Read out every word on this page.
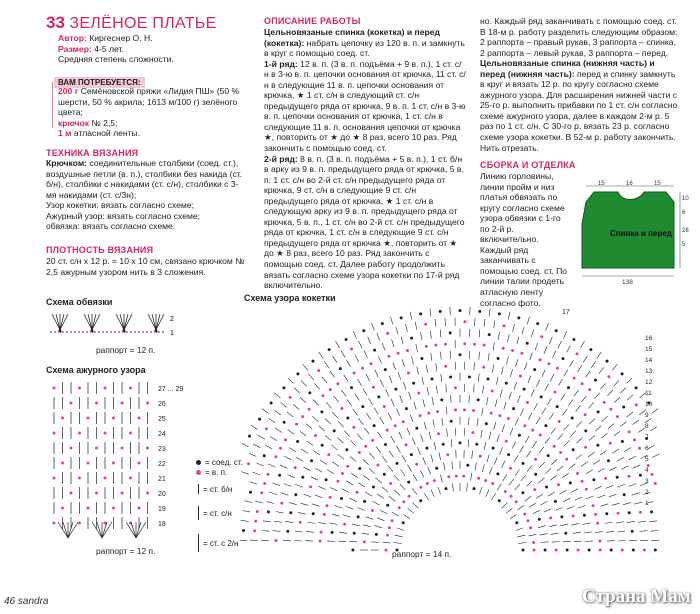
33 ЗЕЛЁНОЕ ПЛАТЬЕ
Автор: Киргеснер О. Н.
Размер: 4-5 лет.
Средняя степень сложности.
ВАМ ПОТРЕБУЕТСЯ:
200 г Семёновской пряжи «Лидия ПШ» (50 % шерсти, 50 % акрила; 1613 м/100 г) зелёного цвета;
крючок № 2,5;
1 м атласной ленты.
ТЕХНИКА ВЯЗАНИЯ

Крючком: соединительные столбики (соед. ст.), воздушные петли (в. п.), столбики без накида (ст. б/н), столбики с накидами (ст. с/н), столбики с 3-мя накидами (ст. с/3н);

Узор кокетки: вязать согласно схеме;

Ажурный узор: вязать согласно схеме;

обвязка: вязать согласно схеме.

ПЛОТНОСТЬ ВЯЗАНИЯ
20 ст. с/н х 12 р. = 10 х 10 см, связано крючком № 2,5 ажурным узором нить в 3 сложения.
ОПИСАНИЕ РАБОТЫ

Цельновязаные спинка (кокетка) и перед (кокетка): набрать цепочку из 120 в. п. и замкнуть в круг с помощью соед. ст.

1-й ряд: 12 в. п. (3 в. п. подъёма + 9 в. п.), 1 ст. с/н в 3-ю в. п. цепочки основания от крючка, 11 ст. с/н в следующие 11 в. п. цепочки основания от крючка, ★ 1 ст. с/н в следующий ст. с/н предыдущего ряда от крючка, 9 в. п. 1 ст. с/н в 3-ю в. п. цепочки основания от крючка, 1 ст. с/н в следующие 11 в. п. основания цепочки от крючка ★, повторить от ★ до ★ 8 раз, всего 10 раз. Ряд закончить с помощью соед. ст.

2-й ряд: 8 в. п. (3 в. п. подъёма + 5 в. п.), 1 ст. б/н в арку из 9 в. п. предыдущего ряда от крючка, 5 в. п. 1 ст. с/н во 2-й ст. с/н предыдущего ряда от крючка, 9 ст. с/н в следующие 9 ст. с/н предыдущего ряда от крючка, ★ 1 ст. с/н в следующую арку из 9 в. п. предыдущего ряда от крючка, 5 в. п., 1 ст. с/н во 2-й ст. с/н предыдущего ряда от крючка, 1 ст. с/н в следующие 9 ст. с/н предыдущего ряда от крючка ★, повторить от ★ до ★ 8 раз, всего 10 раз. Ряд закончить с помощью соед. ст. Далее работу продолжить вязать согласно схеме узора кокетки по 17-й ряд включительно.

но. Каждый ряд заканчивать с помощью соед. ст.

В 18-м р. работу разделить следующим образом: 2 раппорта – правый рукав, 3 раппорта – спинка, 2 раппорта – левый рукав, 3 раппорта – перед.

Цельновязаные спинка (нижняя часть) и перед (нижняя часть): перед и спинку замкнуть в круг и вязать 12 р. по кругу согласно схеме ажурного узора. Для расширения нижней части с 25-го р. выполнить прибавки по 1 ст. с/н согласно схеме ажурного узора, далее в каждом 2-м р. 5 раз по 1 ст. с/н. С 30-го р. вязать 23 р. согласно схеме узора кокетки. В 52-м р. работу закончить. Нить отрезать.

СБОРКА И ОТДЕЛКА
Линию горловины, линии пройм и низ платья обвязать по кругу согласно схеме узора обвязки с 1-го по 2-й р. включительно. Каждый ряд заканчивать с помощью соед. ст. По линии талии продеть атласную ленту согласно фото.
15	16	15
10
6
28
5
138
Спинка и перед
Схема обвязки
1
2
раппорт = 12 п.
Схема ажурного узора
27 ... 29
26
25
24
23
22
21
20
19
18
раппорт = 12 п.
= соед. ст.
= в. п.
= ст. б/н
= ст. с/н
= ст. с 2/н
Схема узора кокетки
17
16
15
14
13
12
11
10
9
8
7
6
5
4
3
2
1
раппорт = 14 п.
46 sandra	Страна Мам
